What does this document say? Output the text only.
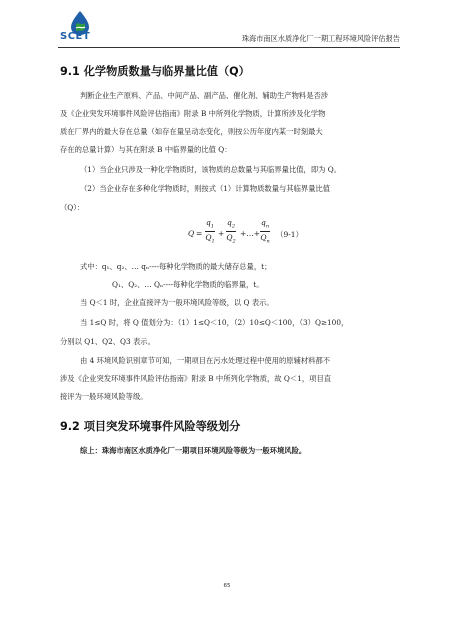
SCET	珠海市南区水质净化厂一期工程环境风险评估报告
9.1 化学物质数量与临界量比值（Q）
判断企业生产原料、产品、中间产品、副产品、催化剂、辅助生产物料是否涉
及《企业突发环境事件风险评估指南》附录 B 中所列化学物质，计算所涉及化学物
质在厂界内的最大存在总量（如存在量呈动态变化，则按公历年度内某一时刻最大
存在的总量计算）与其在附录 B 中临界量的比值 Q：
（1）当企业只涉及一种化学物质时，该物质的总数量与其临界量比值，即为 Q。
（2）当企业存在多种化学物质时，则按式（1）计算物质数量与其临界量比值
（Q）：
$Q = \frac{q_1}{Q_1} + \frac{q_2}{Q_2}$ +…+ $\frac{q_n}{Q_n} (9-1)$
式中：q₁、q₂、… qₙ----每种化学物质的最大储存总量，t；
Q₁、Q₂、… Qₙ----每种化学物质的临界量，t。
当 Q＜1 时，企业直接评为一般环境风险等级，以 Q 表示。
当 1≤Q 时，将 Q 值划分为：（1）1≤Q＜10，（2）10≤Q＜100，（3）Q≥100，
分别以 Q1、Q2、Q3 表示。
由 4 环境风险识别章节可知，一期项目在污水处理过程中使用的原辅材料都不
涉及《企业突发环境事件风险评估指南》附录 B 中所列化学物质，故 Q＜1，项目直
接评为一般环境风险等级。
9.2 项目突发环境事件风险等级划分
综上：珠海市南区水质净化厂一期项目环境风险等级为一般环境风险。
65
